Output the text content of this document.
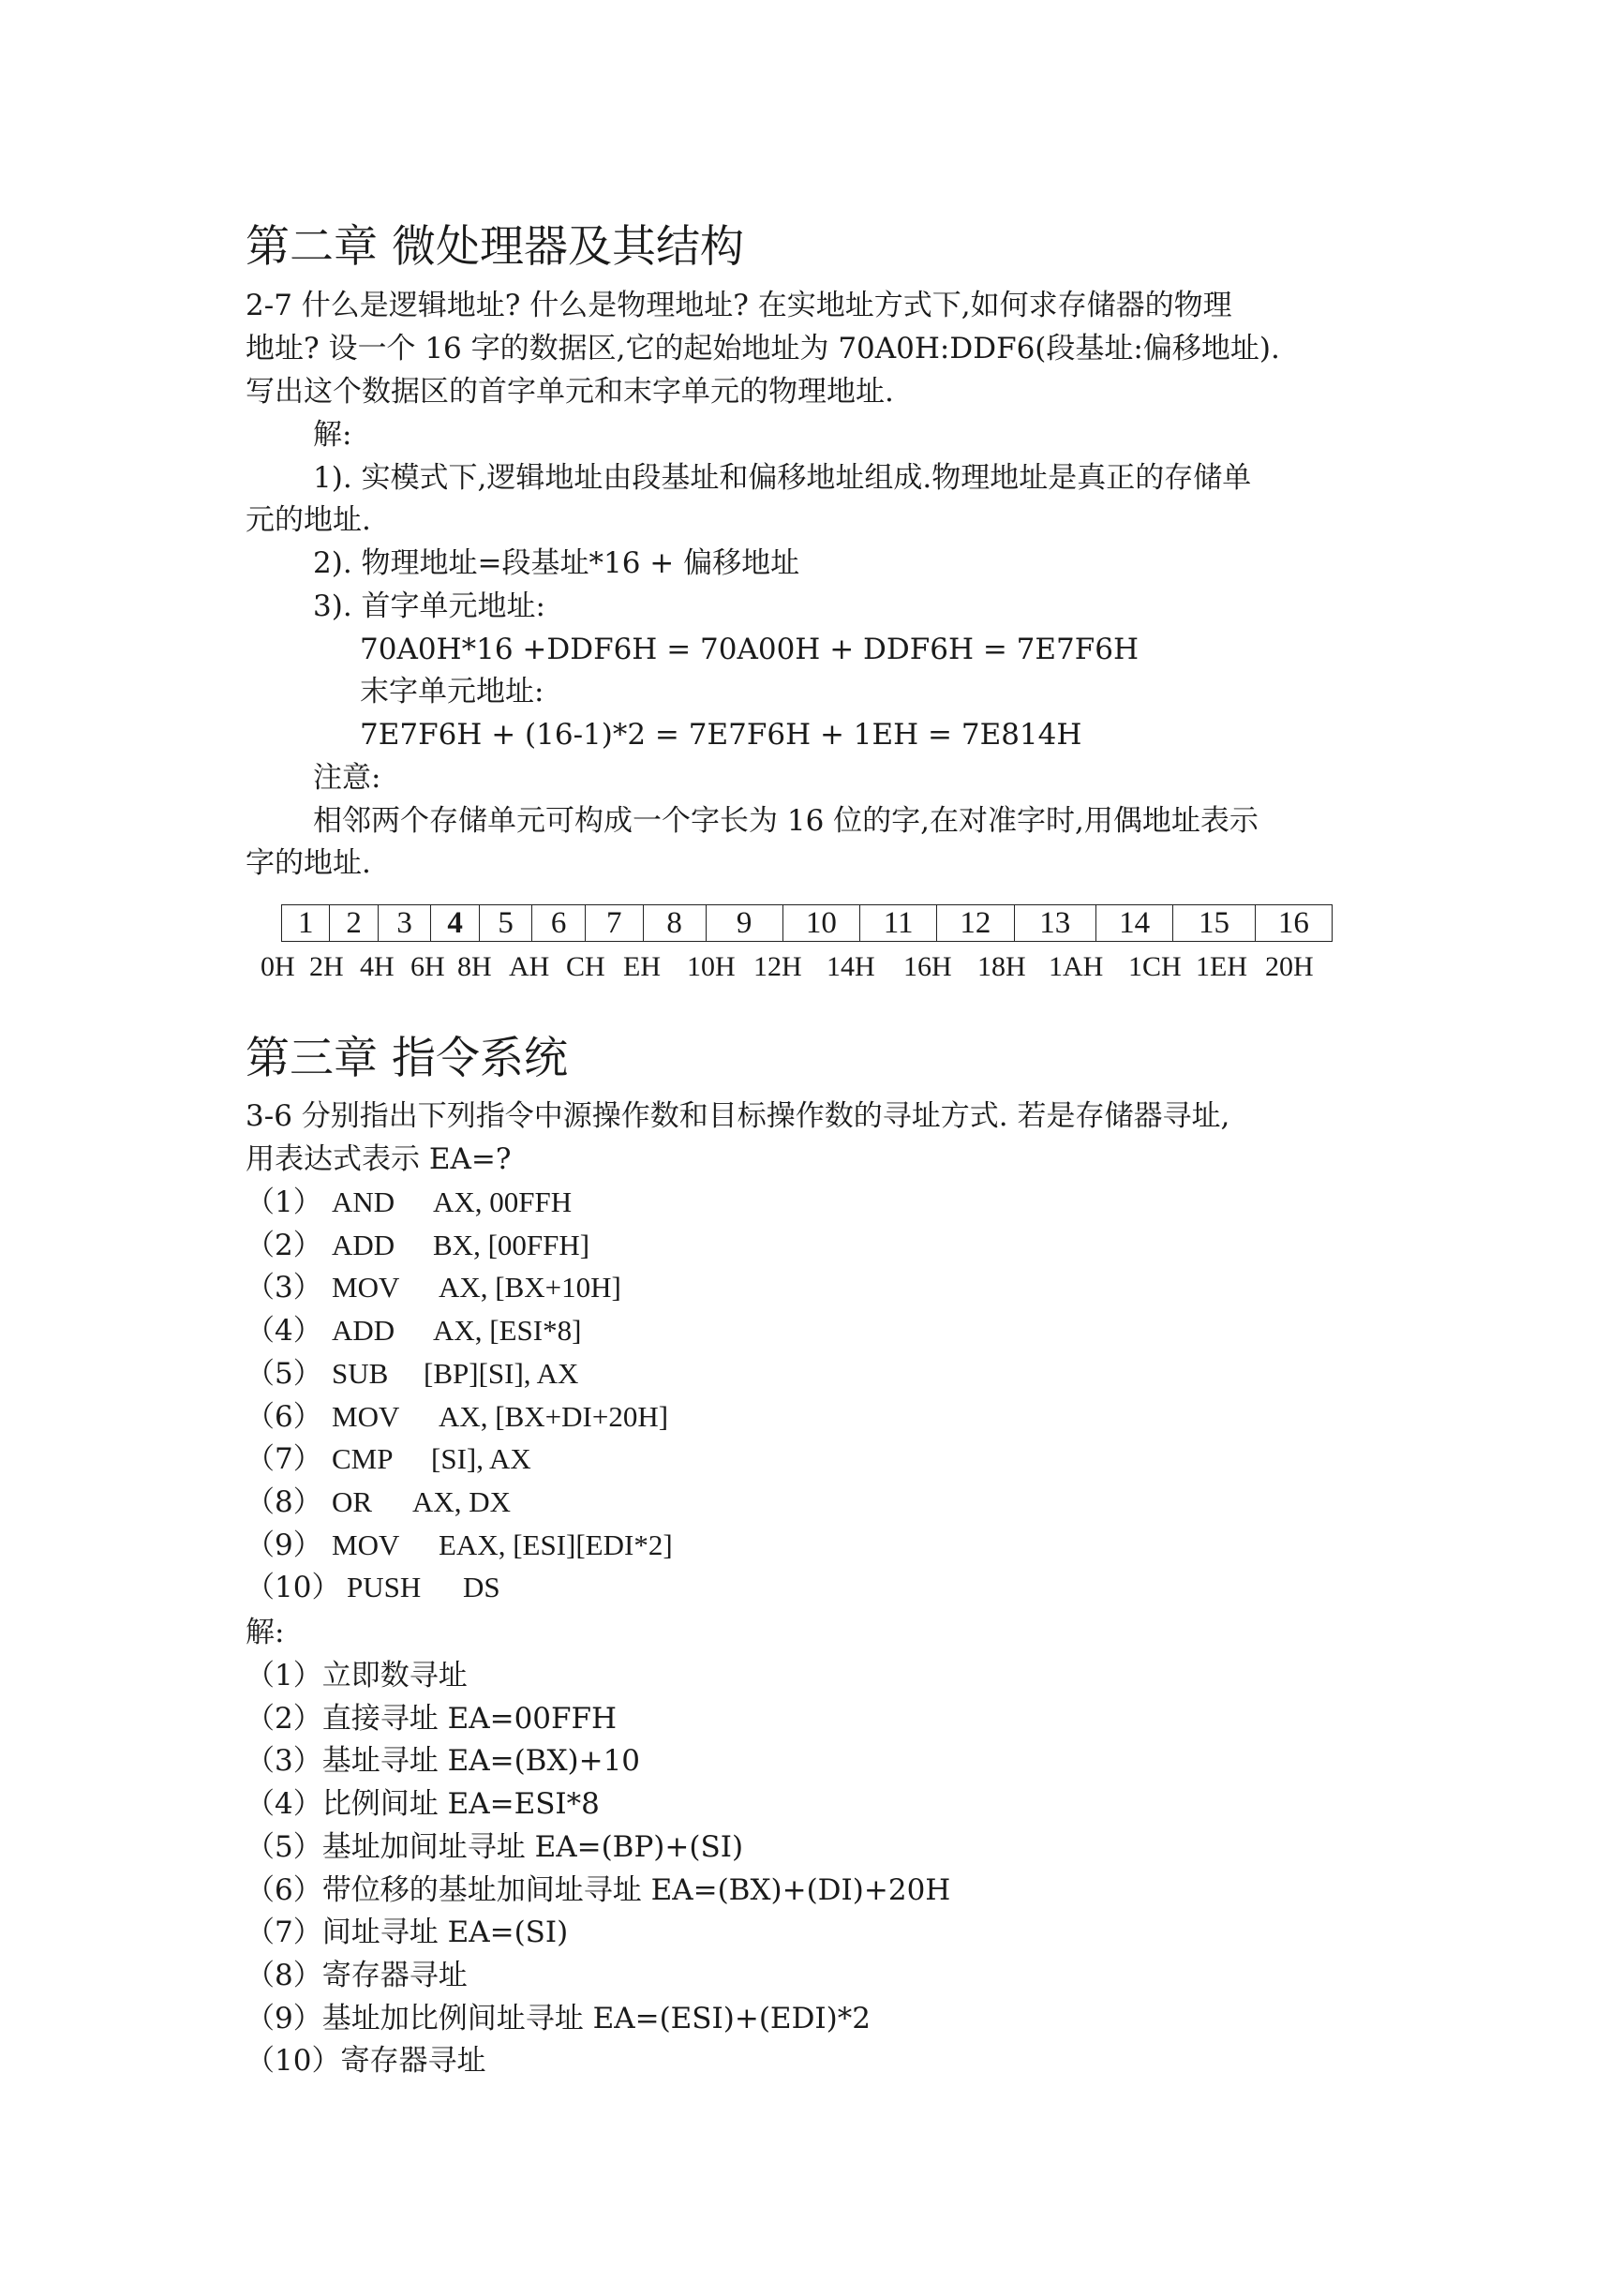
第二章 微处理器及其结构
2-7 什么是逻辑地址? 什么是物理地址? 在实地址方式下,如何求存储器的物理
地址? 设一个 16 字的数据区,它的起始地址为 70A0H:DDF6(段基址:偏移地址).
写出这个数据区的首字单元和末字单元的物理地址.
解:
1). 实模式下,逻辑地址由段基址和偏移地址组成.物理地址是真正的存储单
元的地址.
2). 物理地址=段基址*16 + 偏移地址
3). 首字单元地址:
70A0H*16 +DDF6H = 70A00H + DDF6H = 7E7F6H
末字单元地址:
7E7F6H + (16-1)*2 = 7E7F6H + 1EH = 7E814H
注意:
相邻两个存储单元可构成一个字长为 16 位的字,在对准字时,用偶地址表示
字的地址.
1	2	3	4	5	6	7	8	9	10	11	12	13	14	15	16
0H 2H 4H 6H 8H AH CH EH 10H 12H 14H 16H 18H 1AH 1CH 1EH 20H
第三章 指令系统
3-6 分别指出下列指令中源操作数和目标操作数的寻址方式. 若是存储器寻址,
用表达式表示 EA=?
（1） AND AX, 00FFH
（2） ADD BX, [00FFH]
（3） MOV AX, [BX+10H]
（4） ADD AX, [ESI*8]
（5） SUB [BP][SI], AX
（6） MOV AX, [BX+DI+20H]
（7） CMP [SI], AX
（8） OR AX, DX
（9） MOV EAX, [ESI][EDI*2]
（10） PUSH DS
解:
（1）立即数寻址
（2）直接寻址 EA=00FFH
（3）基址寻址 EA=(BX)+10
（4）比例间址 EA=ESI*8
（5）基址加间址寻址 EA=(BP)+(SI)
（6）带位移的基址加间址寻址 EA=(BX)+(DI)+20H
（7）间址寻址 EA=(SI)
（8）寄存器寻址
（9）基址加比例间址寻址 EA=(ESI)+(EDI)*2
（10）寄存器寻址
